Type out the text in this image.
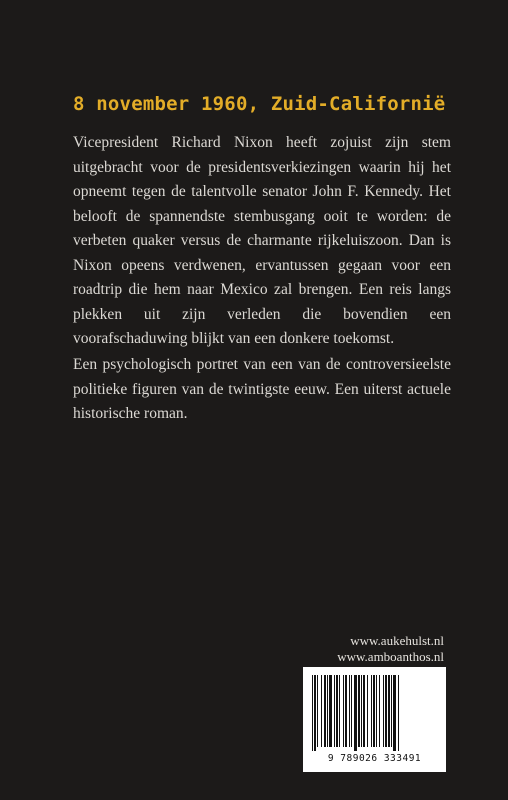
8 november 1960, Zuid-Californië

Vicepresident Richard Nixon heeft zojuist zijn stem uitgebracht voor de presidentsverkiezingen waarin hij het opneemt tegen de talentvolle senator John F. Kennedy. Het belooft de spannendste stembusgang ooit te worden: de verbeten quaker versus de charmante rijkeluiszoon. Dan is Nixon opeens verdwenen, ervantussen gegaan voor een roadtrip die hem naar Mexico zal brengen. Een reis langs plekken uit zijn verleden die bovendien een voorafschaduwing blijkt van een donkere toekomst.

Een psychologisch portret van een van de controversieelste politieke figuren van de twintigste eeuw. Een uiterst actuele historische roman.

www.aukehulst.nl
www.amboanthos.nl

9 789026 333491
